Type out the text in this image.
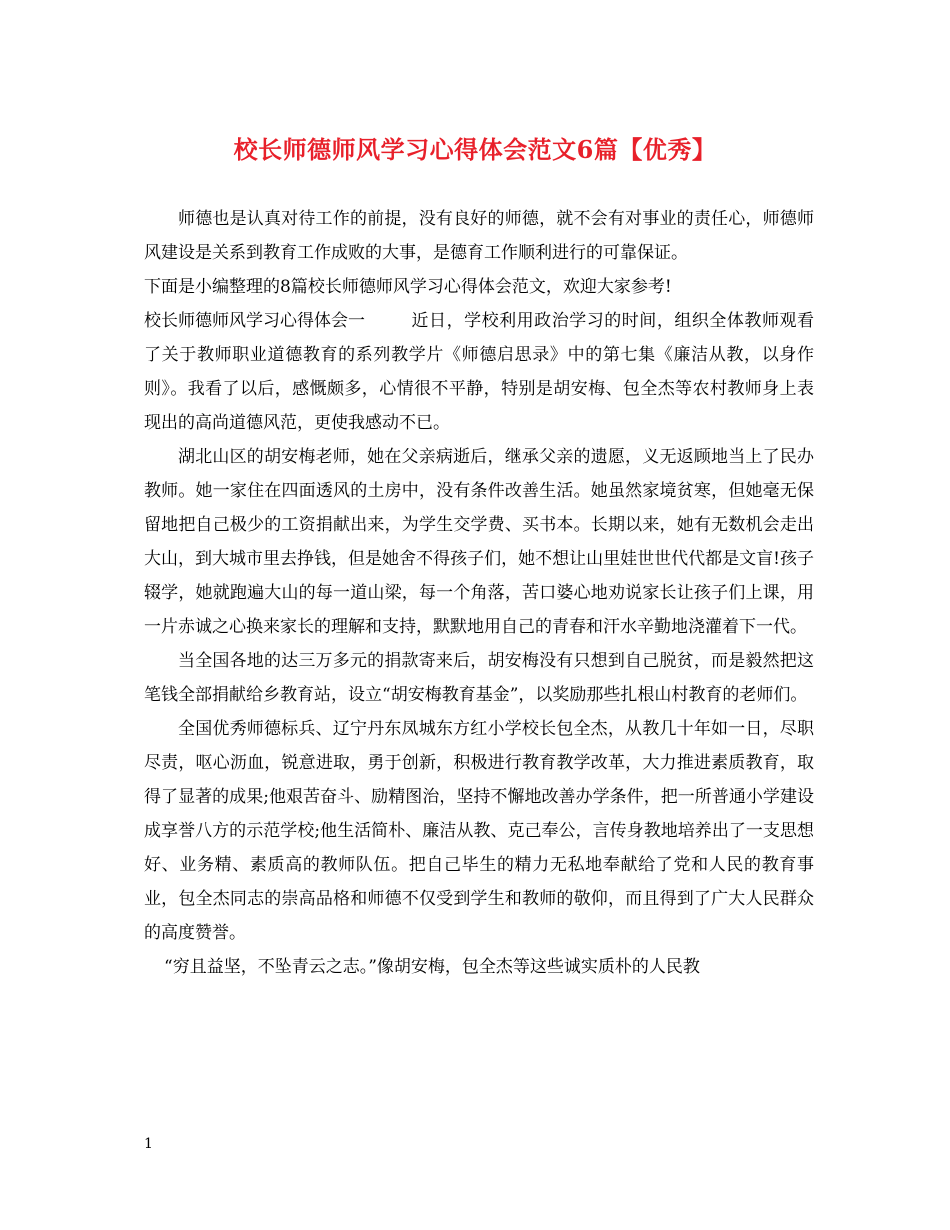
校长师德师风学习心得体会范文6篇【优秀】

师德也是认真对待工作的前提，没有良好的师德，就不会有对事业的责任心，师德师风建设是关系到教育工作成败的大事，是德育工作顺利进行的可靠保证。

下面是小编整理的8篇校长师德师风学习心得体会范文，欢迎大家参考!

校长师德师风学习心得体会一	近日，学校利用政治学习的时间，组织全体教师观看了关于教师职业道德教育的系列教学片《师德启思录》中的第七集《廉洁从教，以身作则》。我看了以后，感慨颇多，心情很不平静，特别是胡安梅、包全杰等农村教师身上表现出的高尚道德风范，更使我感动不已。

湖北山区的胡安梅老师，她在父亲病逝后，继承父亲的遗愿，义无返顾地当上了民办教师。她一家住在四面透风的土房中，没有条件改善生活。她虽然家境贫寒，但她毫无保留地把自己极少的工资捐献出来，为学生交学费、买书本。长期以来，她有无数机会走出大山，到大城市里去挣钱，但是她舍不得孩子们，她不想让山里娃世世代代都是文盲!孩子辍学，她就跑遍大山的每一道山梁，每一个角落，苦口婆心地劝说家长让孩子们上课，用一片赤诚之心换来家长的理解和支持，默默地用自己的青春和汗水辛勤地浇灌着下一代。

当全国各地的达三万多元的捐款寄来后，胡安梅没有只想到自己脱贫，而是毅然把这笔钱全部捐献给乡教育站，设立“胡安梅教育基金”，以奖励那些扎根山村教育的老师们。

全国优秀师德标兵、辽宁丹东凤城东方红小学校长包全杰，从教几十年如一日，尽职尽责，呕心沥血，锐意进取，勇于创新，积极进行教育教学改革，大力推进素质教育，取得了显著的成果;他艰苦奋斗、励精图治，坚持不懈地改善办学条件，把一所普通小学建设成享誉八方的示范学校;他生活简朴、廉洁从教、克己奉公，言传身教地培养出了一支思想好、业务精、素质高的教师队伍。把自己毕生的精力无私地奉献给了党和人民的教育事业，包全杰同志的崇高品格和师德不仅受到学生和教师的敬仰，而且得到了广大人民群众的高度赞誉。

“穷且益坚，不坠青云之志。”像胡安梅，包全杰等这些诚实质朴的人民教

1
